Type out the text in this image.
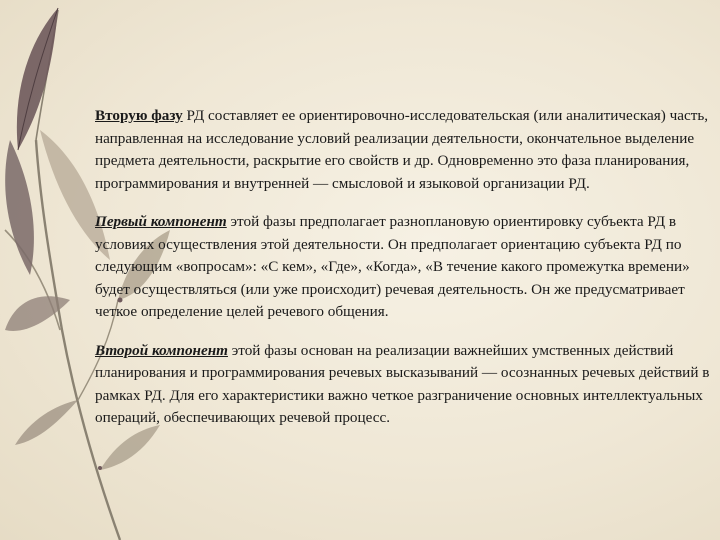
Вторую фазу РД составляет ее ориентировочно-исследовательская (или аналитическая) часть, направленная на исследование условий реализации деятельности, окончательное выделение предмета деятельности, раскрытие его свойств и др. Одновременно это фаза планирования, программирования и внутренней — смысловой и языковой организации РД.

Первый компонент этой фазы предполагает разноплановую ориентировку субъекта РД в условиях осуществления этой деятельности. Он предполагает ориентацию субъекта РД по следующим «вопросам»: «С кем», «Где», «Когда», «В течение какого промежутка времени» будет осуществляться (или уже происходит) речевая деятельность. Он же предусматривает четкое определение целей речевого общения.

Второй компонент этой фазы основан на реализации важнейших умственных действий планирования и программирования речевых высказываний — осознанных речевых действий в рамках РД. Для его характеристики важно четкое разграничение основных интеллектуальных операций, обеспечивающих речевой процесс.
